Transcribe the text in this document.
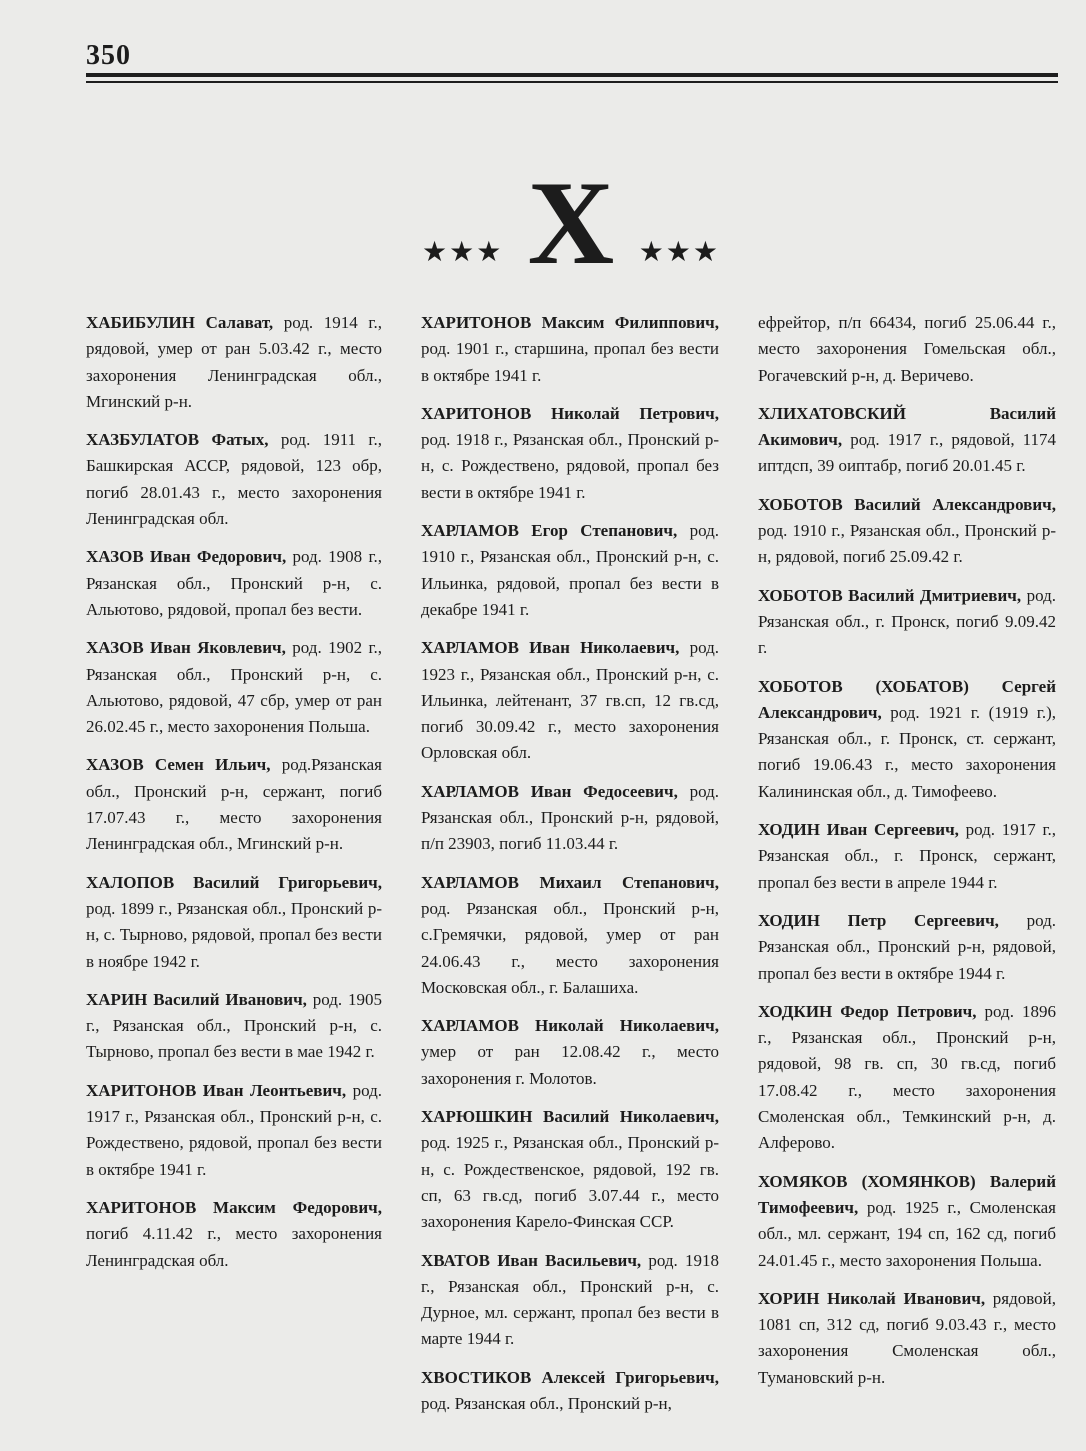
350
Х
★★★	★★★

ХАБИБУЛИН Салават, род. 1914 г., рядовой, умер от ран 5.03.42 г., место захоронения Ленинградская обл., Мгинский р-н.

ХАЗБУЛАТОВ Фатых, род. 1911 г., Башкирская АССР, рядовой, 123 обр, погиб 28.01.43 г., место захоронения Ленинградская обл.

ХАЗОВ Иван Федорович, род. 1908 г., Рязанская обл., Пронский р-н, с. Альютово, рядовой, пропал без вести.

ХАЗОВ Иван Яковлевич, род. 1902 г., Рязанская обл., Пронский р-н, с. Альютово, рядовой, 47 сбр, умер от ран 26.02.45 г., место захоронения Польша.

ХАЗОВ Семен Ильич, род.Рязанская обл., Пронский р-н, сержант, погиб 17.07.43 г., место захоронения Ленинградская обл., Мгинский р-н.

ХАЛОПОВ Василий Григорьевич, род. 1899 г., Рязанская обл., Пронский р-н, с. Тырново, рядовой, пропал без вести в ноябре 1942 г.

ХАРИН Василий Иванович, род. 1905 г., Рязанская обл., Пронский р-н, с. Тырново, пропал без вести в мае 1942 г.

ХАРИТОНОВ Иван Леонтьевич, род. 1917 г., Рязанская обл., Пронский р-н, с. Рождествено, рядовой, пропал без вести в октябре 1941 г.

ХАРИТОНОВ Максим Федорович, погиб 4.11.42 г., место захоронения Ленинградская обл.

ХАРИТОНОВ Максим Филиппович, род. 1901 г., старшина, пропал без вести в октябре 1941 г.

ХАРИТОНОВ Николай Петрович, род. 1918 г., Рязанская обл., Пронский р-н, с. Рождествено, рядовой, пропал без вести в октябре 1941 г.

ХАРЛАМОВ Егор Степанович, род. 1910 г., Рязанская обл., Пронский р-н, с. Ильинка, рядовой, пропал без вести в декабре 1941 г.

ХАРЛАМОВ Иван Николаевич, род. 1923 г., Рязанская обл., Пронский р-н, с. Ильинка, лейтенант, 37 гв.сп, 12 гв.сд, погиб 30.09.42 г., место захоронения Орловская обл.

ХАРЛАМОВ Иван Федосеевич, род. Рязанская обл., Пронский р-н, рядовой, п/п 23903, погиб 11.03.44 г.

ХАРЛАМОВ Михаил Степанович, род. Рязанская обл., Пронский р-н, с.Гремячки, рядовой, умер от ран 24.06.43 г., место захоронения Московская обл., г. Балашиха.

ХАРЛАМОВ Николай Николаевич, умер от ран 12.08.42 г., место захоронения г. Молотов.

ХАРЮШКИН Василий Николаевич, род. 1925 г., Рязанская обл., Пронский р-н, с. Рождественское, рядовой, 192 гв. сп, 63 гв.сд, погиб 3.07.44 г., место захоронения Карело-Финская ССР.

ХВАТОВ Иван Васильевич, род. 1918 г., Рязанская обл., Пронский р-н, с. Дурное, мл. сержант, пропал без вести в марте 1944 г.

ХВОСТИКОВ Алексей Григорьевич, род. Рязанская обл., Пронский р-н,

ефрейтор, п/п 66434, погиб 25.06.44 г., место захоронения Гомельская обл., Рогачевский р-н, д. Веричево.

ХЛИХАТОВСКИЙ Василий Акимович, род. 1917 г., рядовой, 1174 иптдсп, 39 оиптабр, погиб 20.01.45 г.

ХОБОТОВ Василий Александрович, род. 1910 г., Рязанская обл., Пронский р-н, рядовой, погиб 25.09.42 г.

ХОБОТОВ Василий Дмитриевич, род. Рязанская обл., г. Пронск, погиб 9.09.42 г.

ХОБОТОВ (ХОБАТОВ) Сергей Александрович, род. 1921 г. (1919 г.), Рязанская обл., г. Пронск, ст. сержант, погиб 19.06.43 г., место захоронения Калининская обл., д. Тимофеево.

ХОДИН Иван Сергеевич, род. 1917 г., Рязанская обл., г. Пронск, сержант, пропал без вести в апреле 1944 г.

ХОДИН Петр Сергеевич, род. Рязанская обл., Пронский р-н, рядовой, пропал без вести в октябре 1944 г.

ХОДКИН Федор Петрович, род. 1896 г., Рязанская обл., Пронский р-н, рядовой, 98 гв. сп, 30 гв.сд, погиб 17.08.42 г., место захоронения Смоленская обл., Темкинский р-н, д. Алферово.

ХОМЯКОВ (ХОМЯНКОВ) Валерий Тимофеевич, род. 1925 г., Смоленская обл., мл. сержант, 194 сп, 162 сд, погиб 24.01.45 г., место захоронения Польша.

ХОРИН Николай Иванович, рядовой, 1081 сп, 312 сд, погиб 9.03.43 г., место захоронения Смоленская обл., Тумановский р-н.
